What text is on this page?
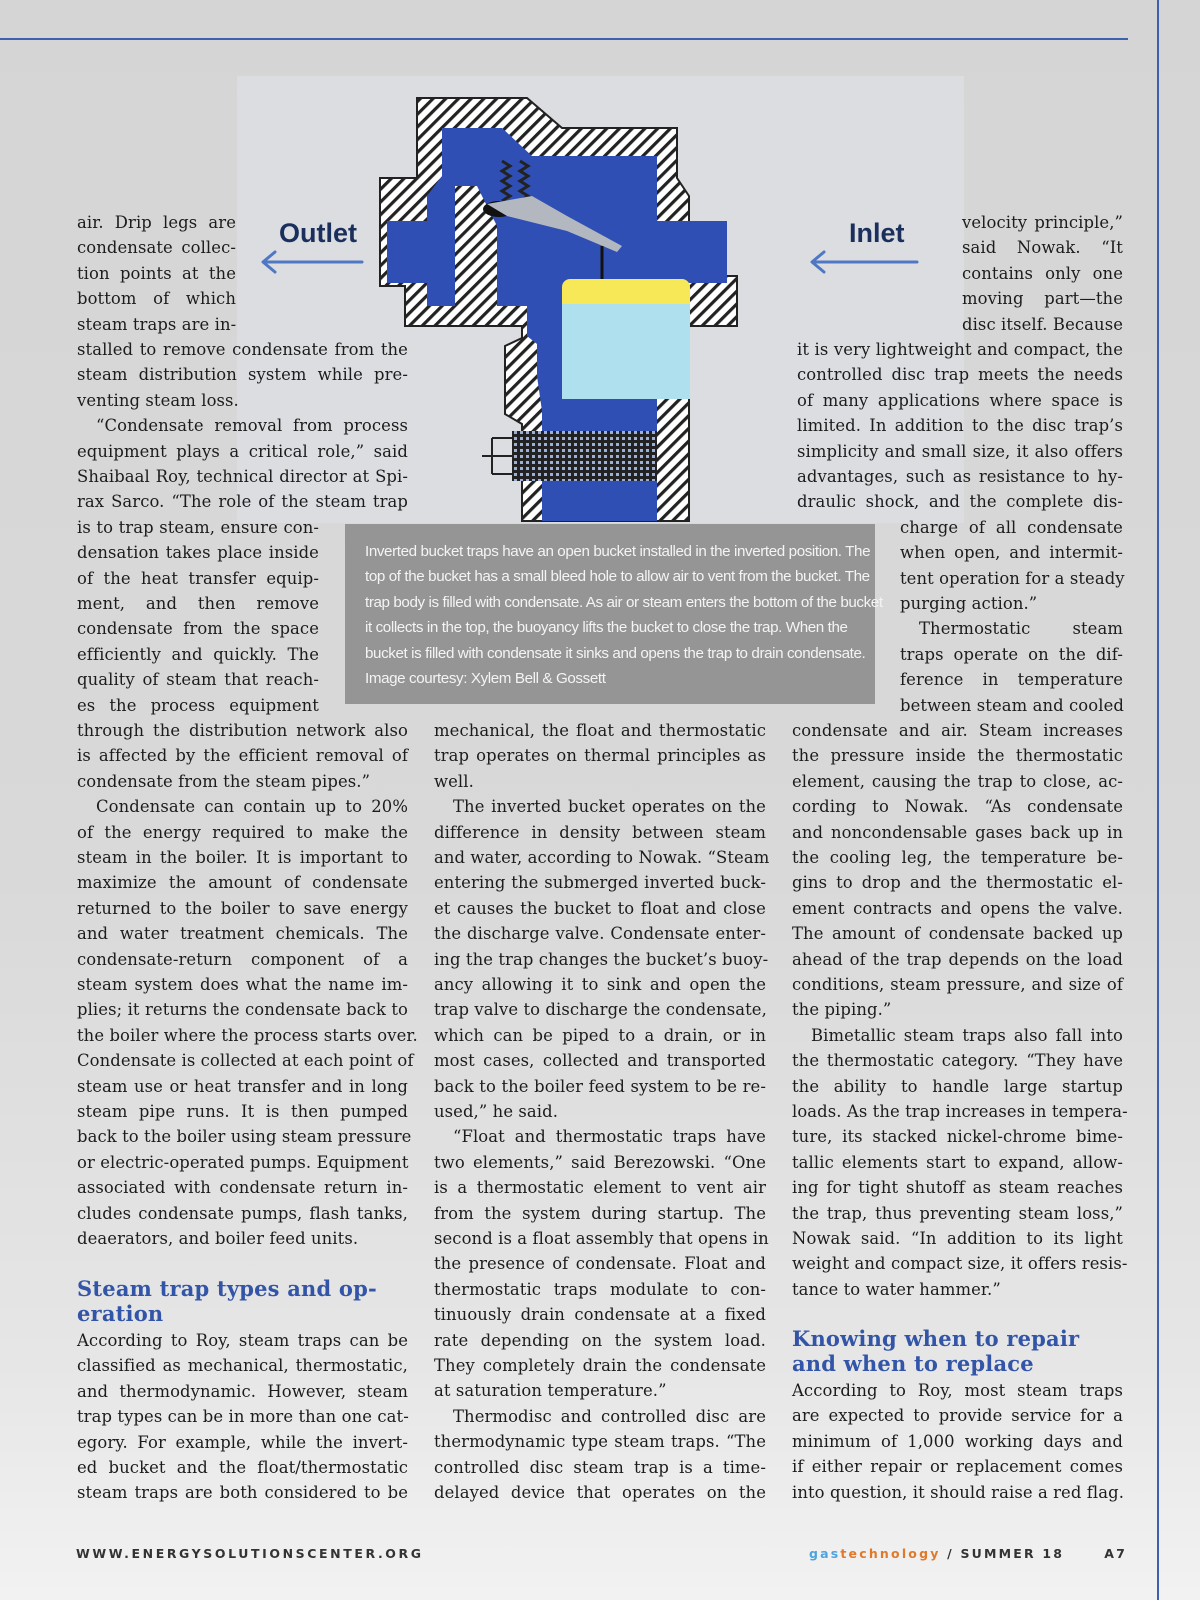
Outlet	Inlet
Inverted bucket traps have an open bucket installed in the inverted position. The
top of the bucket has a small bleed hole to allow air to vent from the bucket. The
trap body is filled with condensate. As air or steam enters the bottom of the bucket
it collects in the top, the buoyancy lifts the bucket to close the trap. When the
bucket is filled with condensate it sinks and opens the trap to drain condensate.
Image courtesy: Xylem Bell & Gossett
air. Drip legs are
condensate collec-
tion points at the
bottom of which
steam traps are in-
stalled to remove condensate from the
steam distribution system while pre-
venting steam loss.
“Condensate removal from process
equipment plays a critical role,” said
Shaibaal Roy, technical director at Spi-
rax Sarco. “The role of the steam trap
is to trap steam, ensure con-
densation takes place inside
of the heat transfer equip-
ment, and then remove
condensate from the space
efficiently and quickly. The
quality of steam that reach-
es the process equipment
through the distribution network also
is affected by the efficient removal of
condensate from the steam pipes.”
Condensate can contain up to 20%
of the energy required to make the
steam in the boiler. It is important to
maximize the amount of condensate
returned to the boiler to save energy
and water treatment chemicals. The
condensate-return component of a
steam system does what the name im-
plies; it returns the condensate back to
the boiler where the process starts over.
Condensate is collected at each point of
steam use or heat transfer and in long
steam pipe runs. It is then pumped
back to the boiler using steam pressure
or electric-operated pumps. Equipment
associated with condensate return in-
cludes condensate pumps, flash tanks,
deaerators, and boiler feed units.
Steam trap types and op-
eration
According to Roy, steam traps can be
classified as mechanical, thermostatic,
and thermodynamic. However, steam
trap types can be in more than one cat-
egory. For example, while the invert-
ed bucket and the float/thermostatic
steam traps are both considered to be
mechanical, the float and thermostatic
trap operates on thermal principles as
well.
The inverted bucket operates on the
difference in density between steam
and water, according to Nowak. “Steam
entering the submerged inverted buck-
et causes the bucket to float and close
the discharge valve. Condensate enter-
ing the trap changes the bucket’s buoy-
ancy allowing it to sink and open the
trap valve to discharge the condensate,
which can be piped to a drain, or in
most cases, collected and transported
back to the boiler feed system to be re-
used,” he said.
“Float and thermostatic traps have
two elements,” said Berezowski. “One
is a thermostatic element to vent air
from the system during startup. The
second is a float assembly that opens in
the presence of condensate. Float and
thermostatic traps modulate to con-
tinuously drain condensate at a fixed
rate depending on the system load.
They completely drain the condensate
at saturation temperature.”
Thermodisc and controlled disc are
thermodynamic type steam traps. “The
controlled disc steam trap is a time-
delayed device that operates on the
velocity principle,”
said Nowak. “It
contains only one
moving part—the
disc itself. Because
it is very lightweight and compact, the
controlled disc trap meets the needs
of many applications where space is
limited. In addition to the disc trap’s
simplicity and small size, it also offers
advantages, such as resistance to hy-
draulic shock, and the complete dis-
charge of all condensate
when open, and intermit-
tent operation for a steady
purging action.”
Thermostatic steam
traps operate on the dif-
ference in temperature
between steam and cooled
condensate and air. Steam increases
the pressure inside the thermostatic
element, causing the trap to close, ac-
cording to Nowak. “As condensate
and noncondensable gases back up in
the cooling leg, the temperature be-
gins to drop and the thermostatic el-
ement contracts and opens the valve.
The amount of condensate backed up
ahead of the trap depends on the load
conditions, steam pressure, and size of
the piping.”
Bimetallic steam traps also fall into
the thermostatic category. “They have
the ability to handle large startup
loads. As the trap increases in tempera-
ture, its stacked nickel-chrome bime-
tallic elements start to expand, allow-
ing for tight shutoff as steam reaches
the trap, thus preventing steam loss,”
Nowak said. “In addition to its light
weight and compact size, it offers resis-
tance to water hammer.”
Knowing when to repair
and when to replace
According to Roy, most steam traps
are expected to provide service for a
minimum of 1,000 working days and
if either repair or replacement comes
into question, it should raise a red flag.
WWW.ENERGYSOLUTIONSCENTER.ORG	gastechnology / SUMMER 18	A7
